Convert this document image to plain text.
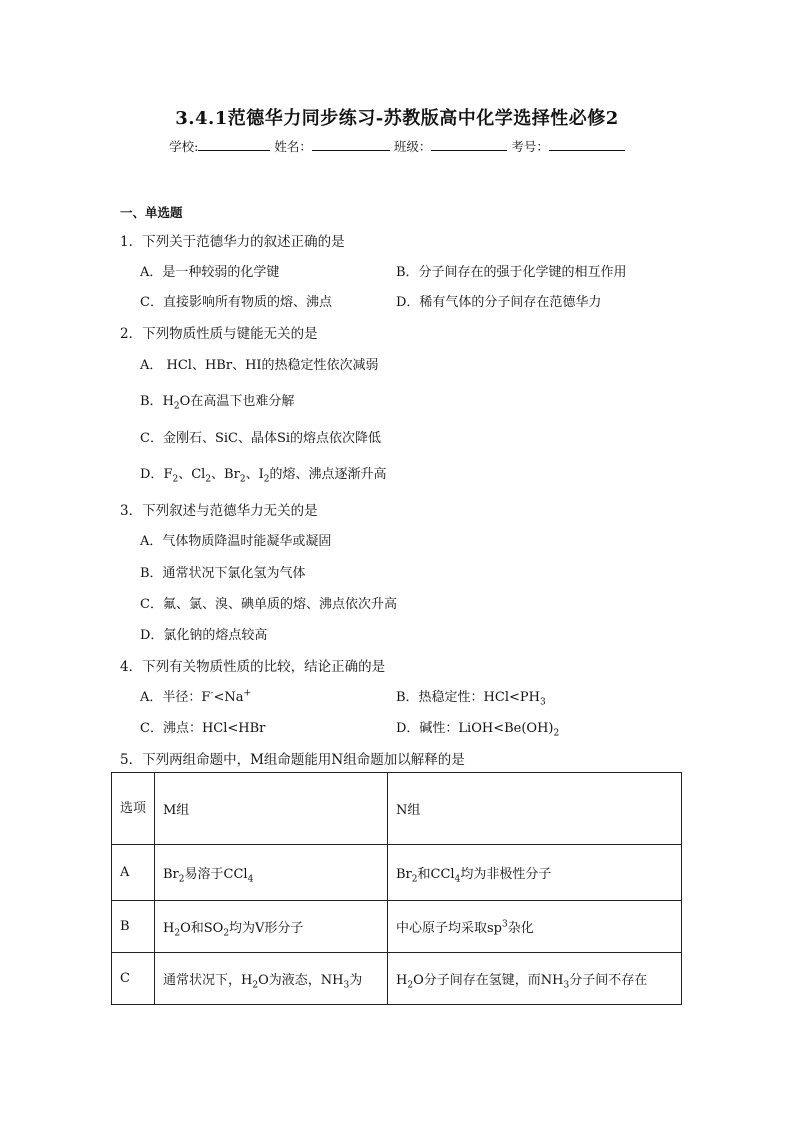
3.4.1范德华力同步练习-苏教版高中化学选择性必修2
学校:	姓名：	班级：	考号：
一、单选题
1．下列关于范德华力的叙述正确的是
A．是一种较弱的化学键	B．分子间存在的强于化学键的相互作用
C．直接影响所有物质的熔、沸点	D．稀有气体的分子间存在范德华力
2．下列物质性质与键能无关的是
A． HCl、HBr、HI的热稳定性依次减弱
B．$H_2O$在高温下也难分解
C．金刚石、SiC、晶体Si的熔点依次降低
D．$F_2$、$Cl_2$、$Br_2$、$I_2$的熔、沸点逐渐升高
3．下列叙述与范德华力无关的是
A．气体物质降温时能凝华或凝固
B．通常状况下氯化氢为气体
C．氟、氯、溴、碘单质的熔、沸点依次升高
D．氯化钠的熔点较高
4．下列有关物质性质的比较，结论正确的是
A．半径：F-<Na+	B．热稳定性：$HCl<PH_3$
C．沸点：HCl<HBr	D．碱性：$LiOH<Be(OH)_2$
5．下列两组命题中，M组命题能用N组命题加以解释的是
选项	M组	N组
A	$Br_2$易溶于CCl$_4$	$Br_2$和CCl$_4$均为非极性分子
B	$H_2O$和$SO_2$均为V形分子	中心原子均采取$sp^3$杂化
C	通常状况下，$H_2O$为液态，$NH_3$为	$H_2O$分子间存在氢键，而$NH_3$分子间不存在
